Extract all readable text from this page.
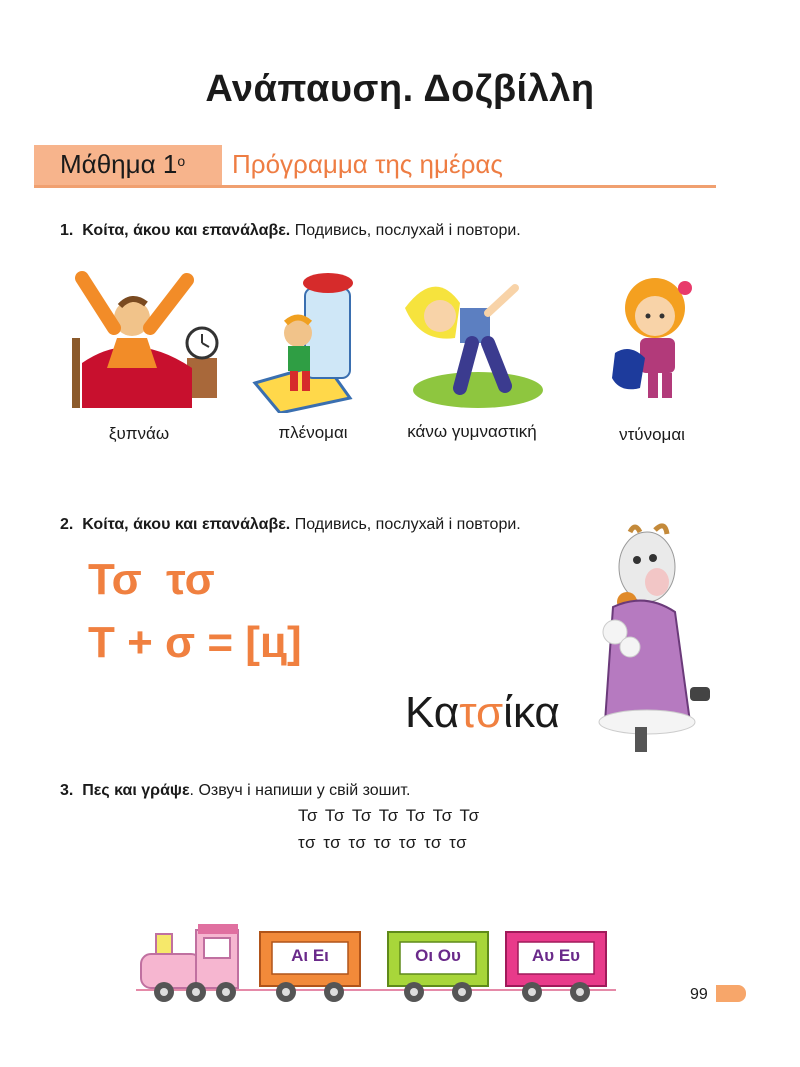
Ανάπαυση. Δοζβίλλη
Μάθημα $1^o$ Πρόγραμμα της ημέρας
1. Κοίτα, άκου και επανάλαβε. Подивись, послухай і повтори.
ξυπνάω	πλένομαι	κάνω γυμναστική	ντύνομαι
2. Κοίτα, άκου και επανάλαβε. Подивись, послухай і повтори.
Τσ  τσ
Τ + σ = [ц]
Κατσίκα
3. Πες και γράψε. Озвуч і напиши у свій зошит.
Τσ Τσ Τσ Τσ Τσ Τσ Τσ
τσ τσ τσ τσ τσ τσ τσ
Αι Ει	Οι Ου	Αυ Ευ
99
